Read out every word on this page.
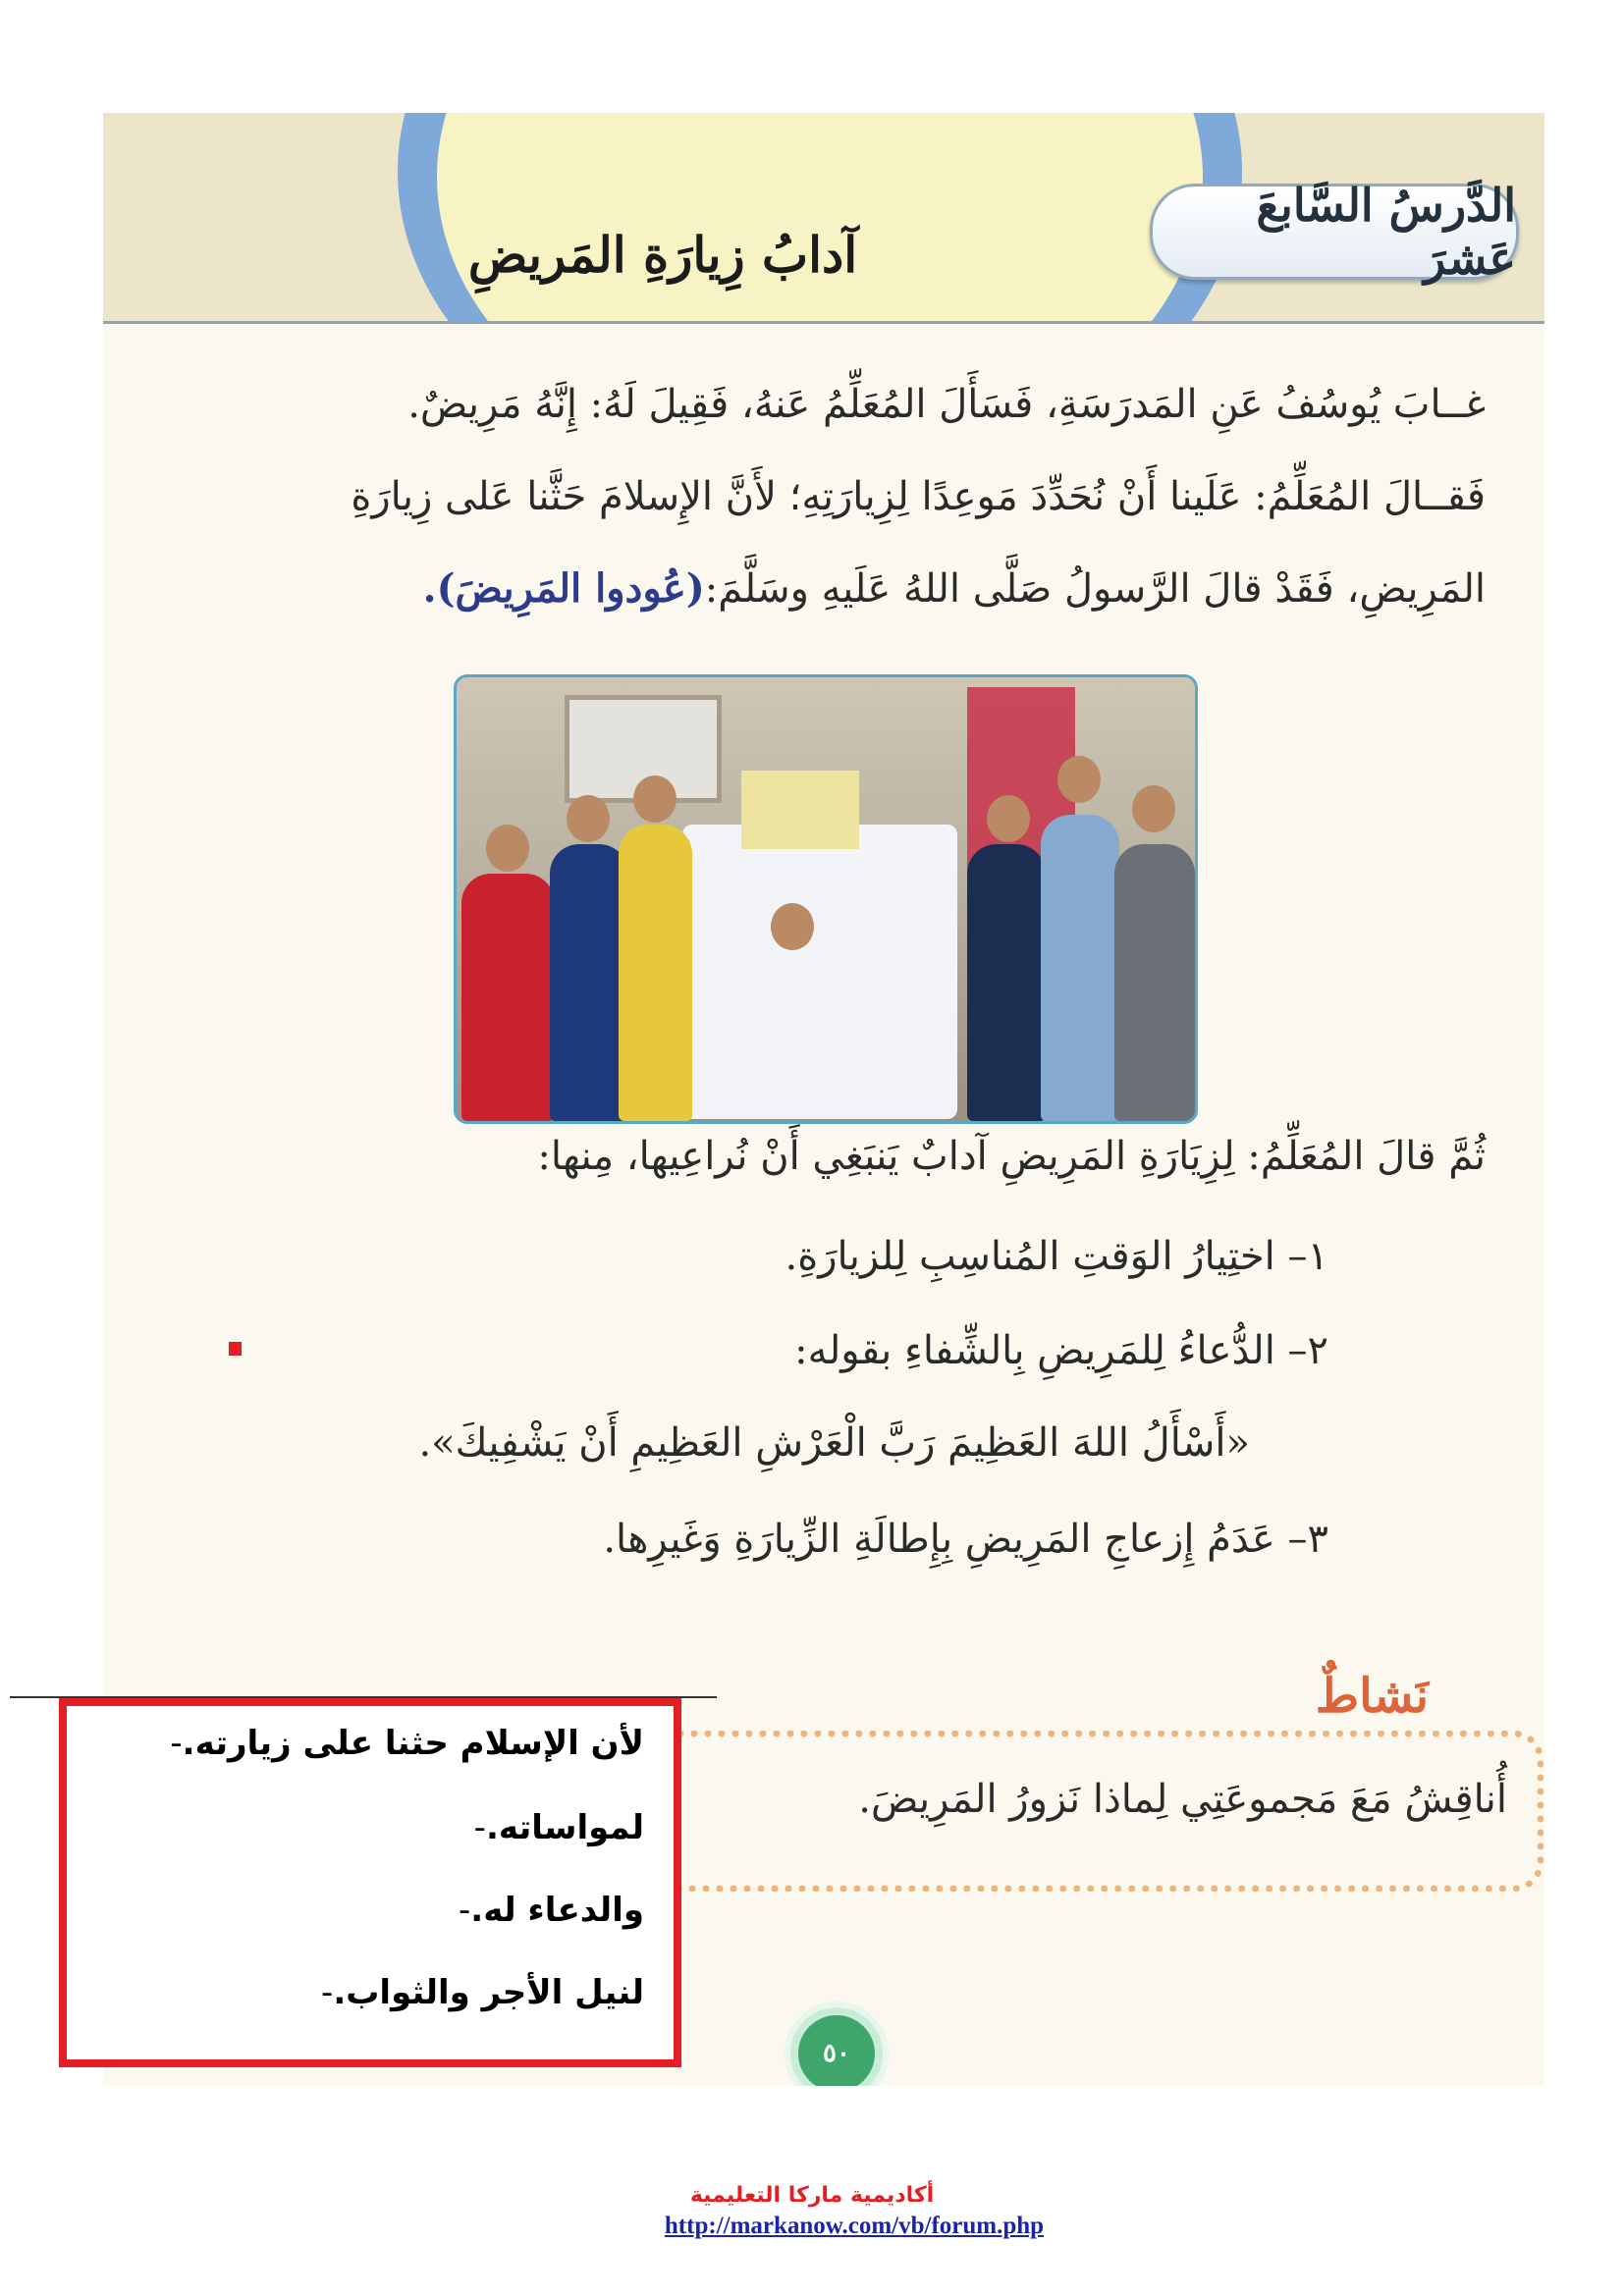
الدَّرسُ السَّابعَ عَشرَ
آدابُ زِيارَةِ المَريضِ
غــابَ يُوسُفُ عَنِ المَدرَسَةِ، فَسَأَلَ المُعَلِّمُ عَنهُ، فَقِيلَ لَهُ: إِنَّهُ مَرِيضٌ.
فَقــالَ المُعَلِّمُ: عَلَينا أَنْ نُحَدِّدَ مَوعِدًا لِزِيارَتِهِ؛ لأَنَّ الإِسلامَ حَثَّنا عَلى زِيارَةِ
المَرِيضِ، فَقَدْ قالَ الرَّسولُ صَلَّى اللهُ عَلَيهِ وسَلَّمَ:(عُودوا المَرِيضَ).
ثُمَّ قالَ المُعَلِّمُ: لِزِيَارَةِ المَرِيضِ آدابٌ يَنبَغِي أَنْ نُراعِيها، مِنها:
١– اختِيارُ الوَقتِ المُناسِبِ لِلزيارَةِ.
٢– الدُّعاءُ لِلمَرِيضِ بِالشِّفاءِ بقوله:
«أَسْأَلُ اللهَ العَظِيمَ رَبَّ الْعَرْشِ العَظِيمِ أَنْ يَشْفِيكَ».
٣– عَدَمُ إِزعاجِ المَرِيضِ بِإِطالَةِ الزِّيارَةِ وَغَيرِها.
نَشاطٌ
أُناقِشُ مَعَ مَجموعَتِي لِماذا نَزورُ المَرِيضَ.
٥٠
لأن الإسلام حثنا على زيارته.-
لمواساته.-
والدعاء له.-
لنيل الأجر والثواب.-
أكاديمية ماركا التعليمية
http://markanow.com/vb/forum.php
